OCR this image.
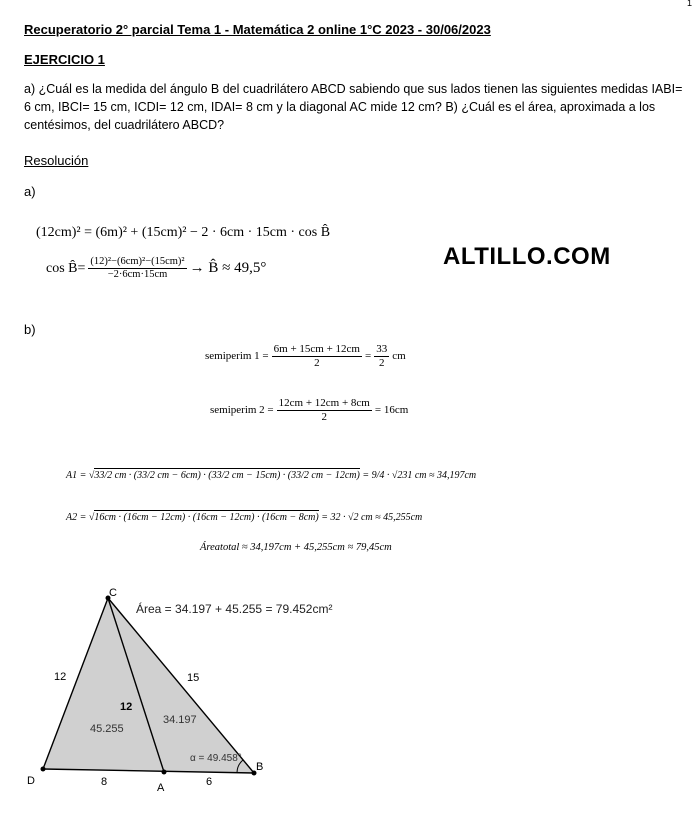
1
Recuperatorio 2° parcial Tema 1 - Matemática 2 online 1°C 2023 - 30/06/2023
EJERCICIO 1
a) ¿Cuál es la medida del ángulo B del cuadrilátero ABCD sabiendo que sus lados tienen las siguientes medidas IABI= 6 cm, IBCI= 15 cm, ICDI= 12 cm, IDAI= 8 cm y la diagonal AC mide 12 cm? B) ¿Cuál es el área, aproximada a los centésimos, del cuadrilátero ABCD?
Resolución
a)
(12cm)² = (6m)² + (15cm)² − 2 · 6cm · 15cm · cos B̂
cos B̂= $\frac{\text{(12)²−(6cm)²−(15cm)²}}{-2\cdot 6cm\cdot 15cm}$ → B̂ ≈ 49,5°	ALTILLO.COM
b)
semiperim $1 = \frac{6m + 15cm + 12cm}{2} = \frac{33}{2}$ cm
semiperim $2 = \frac{12cm + 12cm + 8cm}{2} = 16cm$
A1 = √33/2 cm · (33/2 cm − 6cm) · (33/2 cm − 15cm) · (33/2 cm − 12cm) = 9/4 · √231 cm ≈ 34,197cm
A2 = √16cm · (16cm − 12cm) · (16cm − 12cm) · (16cm − 8cm) = 32 · √2 cm ≈ 45,255cm
Áreatotal ≈ 34,197cm + 45,255cm ≈ 79,45cm
C
D
A
B
12
12
15
8	6
45.255
34.197
α = 49.458°
Área = 34.197 + 45.255 = 79.452cm²
